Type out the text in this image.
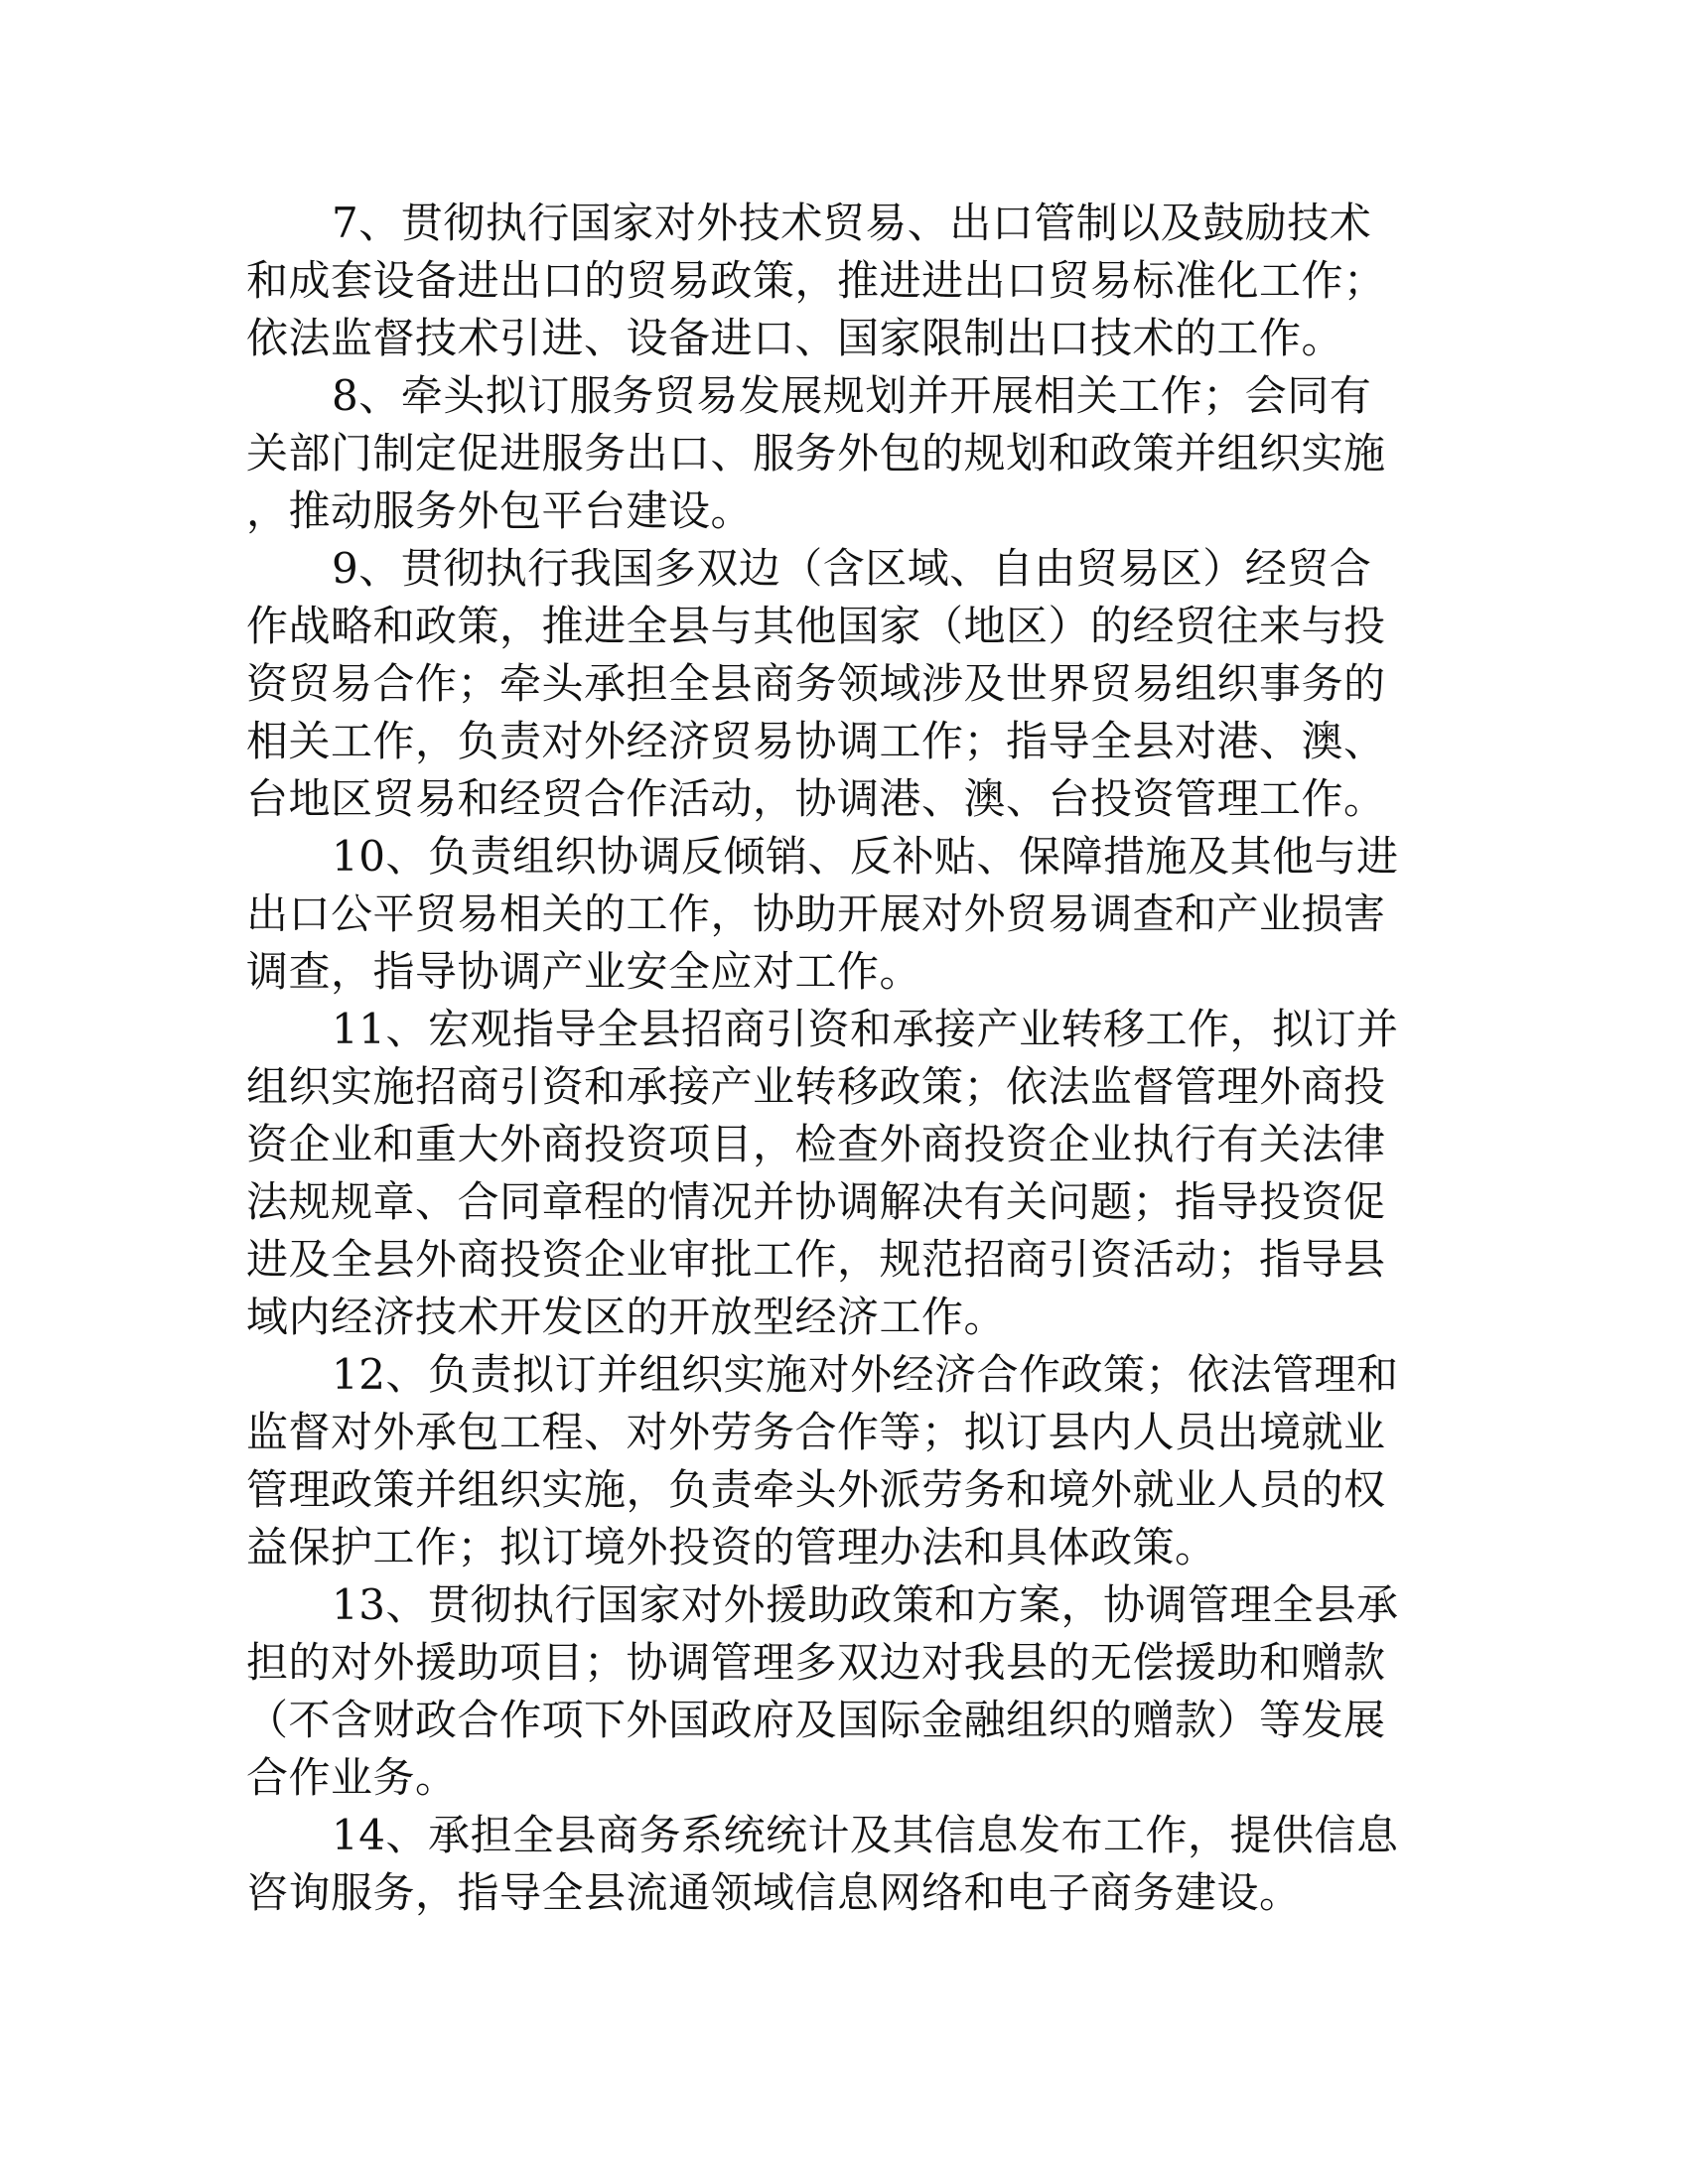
7、贯彻执行国家对外技术贸易、出口管制以及鼓励技术
和成套设备进出口的贸易政策，推进进出口贸易标准化工作；
依法监督技术引进、设备进口、国家限制出口技术的工作。
8、牵头拟订服务贸易发展规划并开展相关工作；会同有
关部门制定促进服务出口、服务外包的规划和政策并组织实施
，推动服务外包平台建设。
9、贯彻执行我国多双边（含区域、自由贸易区）经贸合
作战略和政策，推进全县与其他国家（地区）的经贸往来与投
资贸易合作；牵头承担全县商务领域涉及世界贸易组织事务的
相关工作，负责对外经济贸易协调工作；指导全县对港、澳、
台地区贸易和经贸合作活动，协调港、澳、台投资管理工作。
10、负责组织协调反倾销、反补贴、保障措施及其他与进
出口公平贸易相关的工作，协助开展对外贸易调查和产业损害
调查，指导协调产业安全应对工作。
11、宏观指导全县招商引资和承接产业转移工作，拟订并
组织实施招商引资和承接产业转移政策；依法监督管理外商投
资企业和重大外商投资项目，检查外商投资企业执行有关法律
法规规章、合同章程的情况并协调解决有关问题；指导投资促
进及全县外商投资企业审批工作，规范招商引资活动；指导县
域内经济技术开发区的开放型经济工作。
12、负责拟订并组织实施对外经济合作政策；依法管理和
监督对外承包工程、对外劳务合作等；拟订县内人员出境就业
管理政策并组织实施，负责牵头外派劳务和境外就业人员的权
益保护工作；拟订境外投资的管理办法和具体政策。
13、贯彻执行国家对外援助政策和方案，协调管理全县承
担的对外援助项目；协调管理多双边对我县的无偿援助和赠款
（不含财政合作项下外国政府及国际金融组织的赠款）等发展
合作业务。
14、承担全县商务系统统计及其信息发布工作，提供信息
咨询服务，指导全县流通领域信息网络和电子商务建设。
